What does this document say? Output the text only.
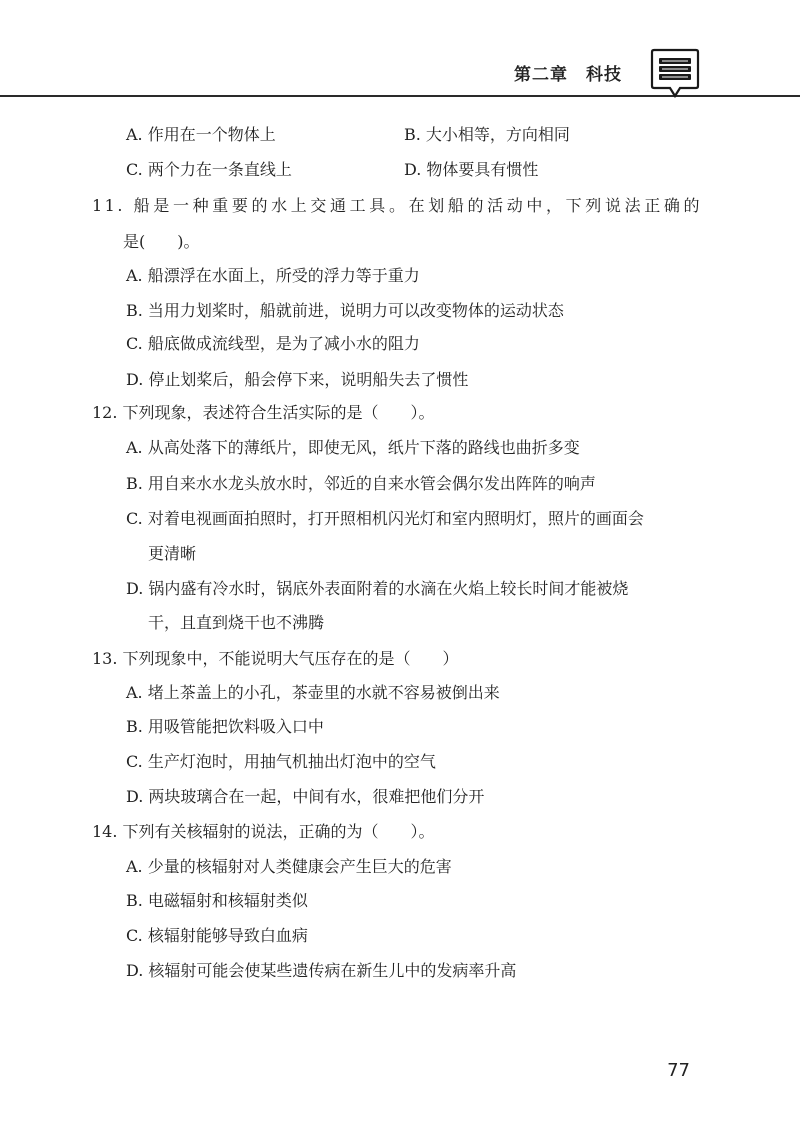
第二章　科技
A. 作用在一个物体上	B. 大小相等，方向相同
C. 两个力在一条直线上	D. 物体要具有惯性
11. 船是一种重要的水上交通工具。在划船的活动中，下列说法正确的
是(　　)。
A. 船漂浮在水面上，所受的浮力等于重力
B. 当用力划桨时，船就前进，说明力可以改变物体的运动状态
C. 船底做成流线型，是为了减小水的阻力
D. 停止划桨后，船会停下来，说明船失去了惯性
12. 下列现象，表述符合生活实际的是（　　）。
A. 从高处落下的薄纸片，即使无风，纸片下落的路线也曲折多变
B. 用自来水水龙头放水时，邻近的自来水管会偶尔发出阵阵的响声
C. 对着电视画面拍照时，打开照相机闪光灯和室内照明灯，照片的画面会
更清晰
D. 锅内盛有冷水时，锅底外表面附着的水滴在火焰上较长时间才能被烧
干，且直到烧干也不沸腾
13. 下列现象中，不能说明大气压存在的是（　　）
A. 堵上茶盖上的小孔，茶壶里的水就不容易被倒出来
B. 用吸管能把饮料吸入口中
C. 生产灯泡时，用抽气机抽出灯泡中的空气
D. 两块玻璃合在一起，中间有水，很难把他们分开
14. 下列有关核辐射的说法，正确的为（　　）。
A. 少量的核辐射对人类健康会产生巨大的危害
B. 电磁辐射和核辐射类似
C. 核辐射能够导致白血病
D. 核辐射可能会使某些遗传病在新生儿中的发病率升高
77
